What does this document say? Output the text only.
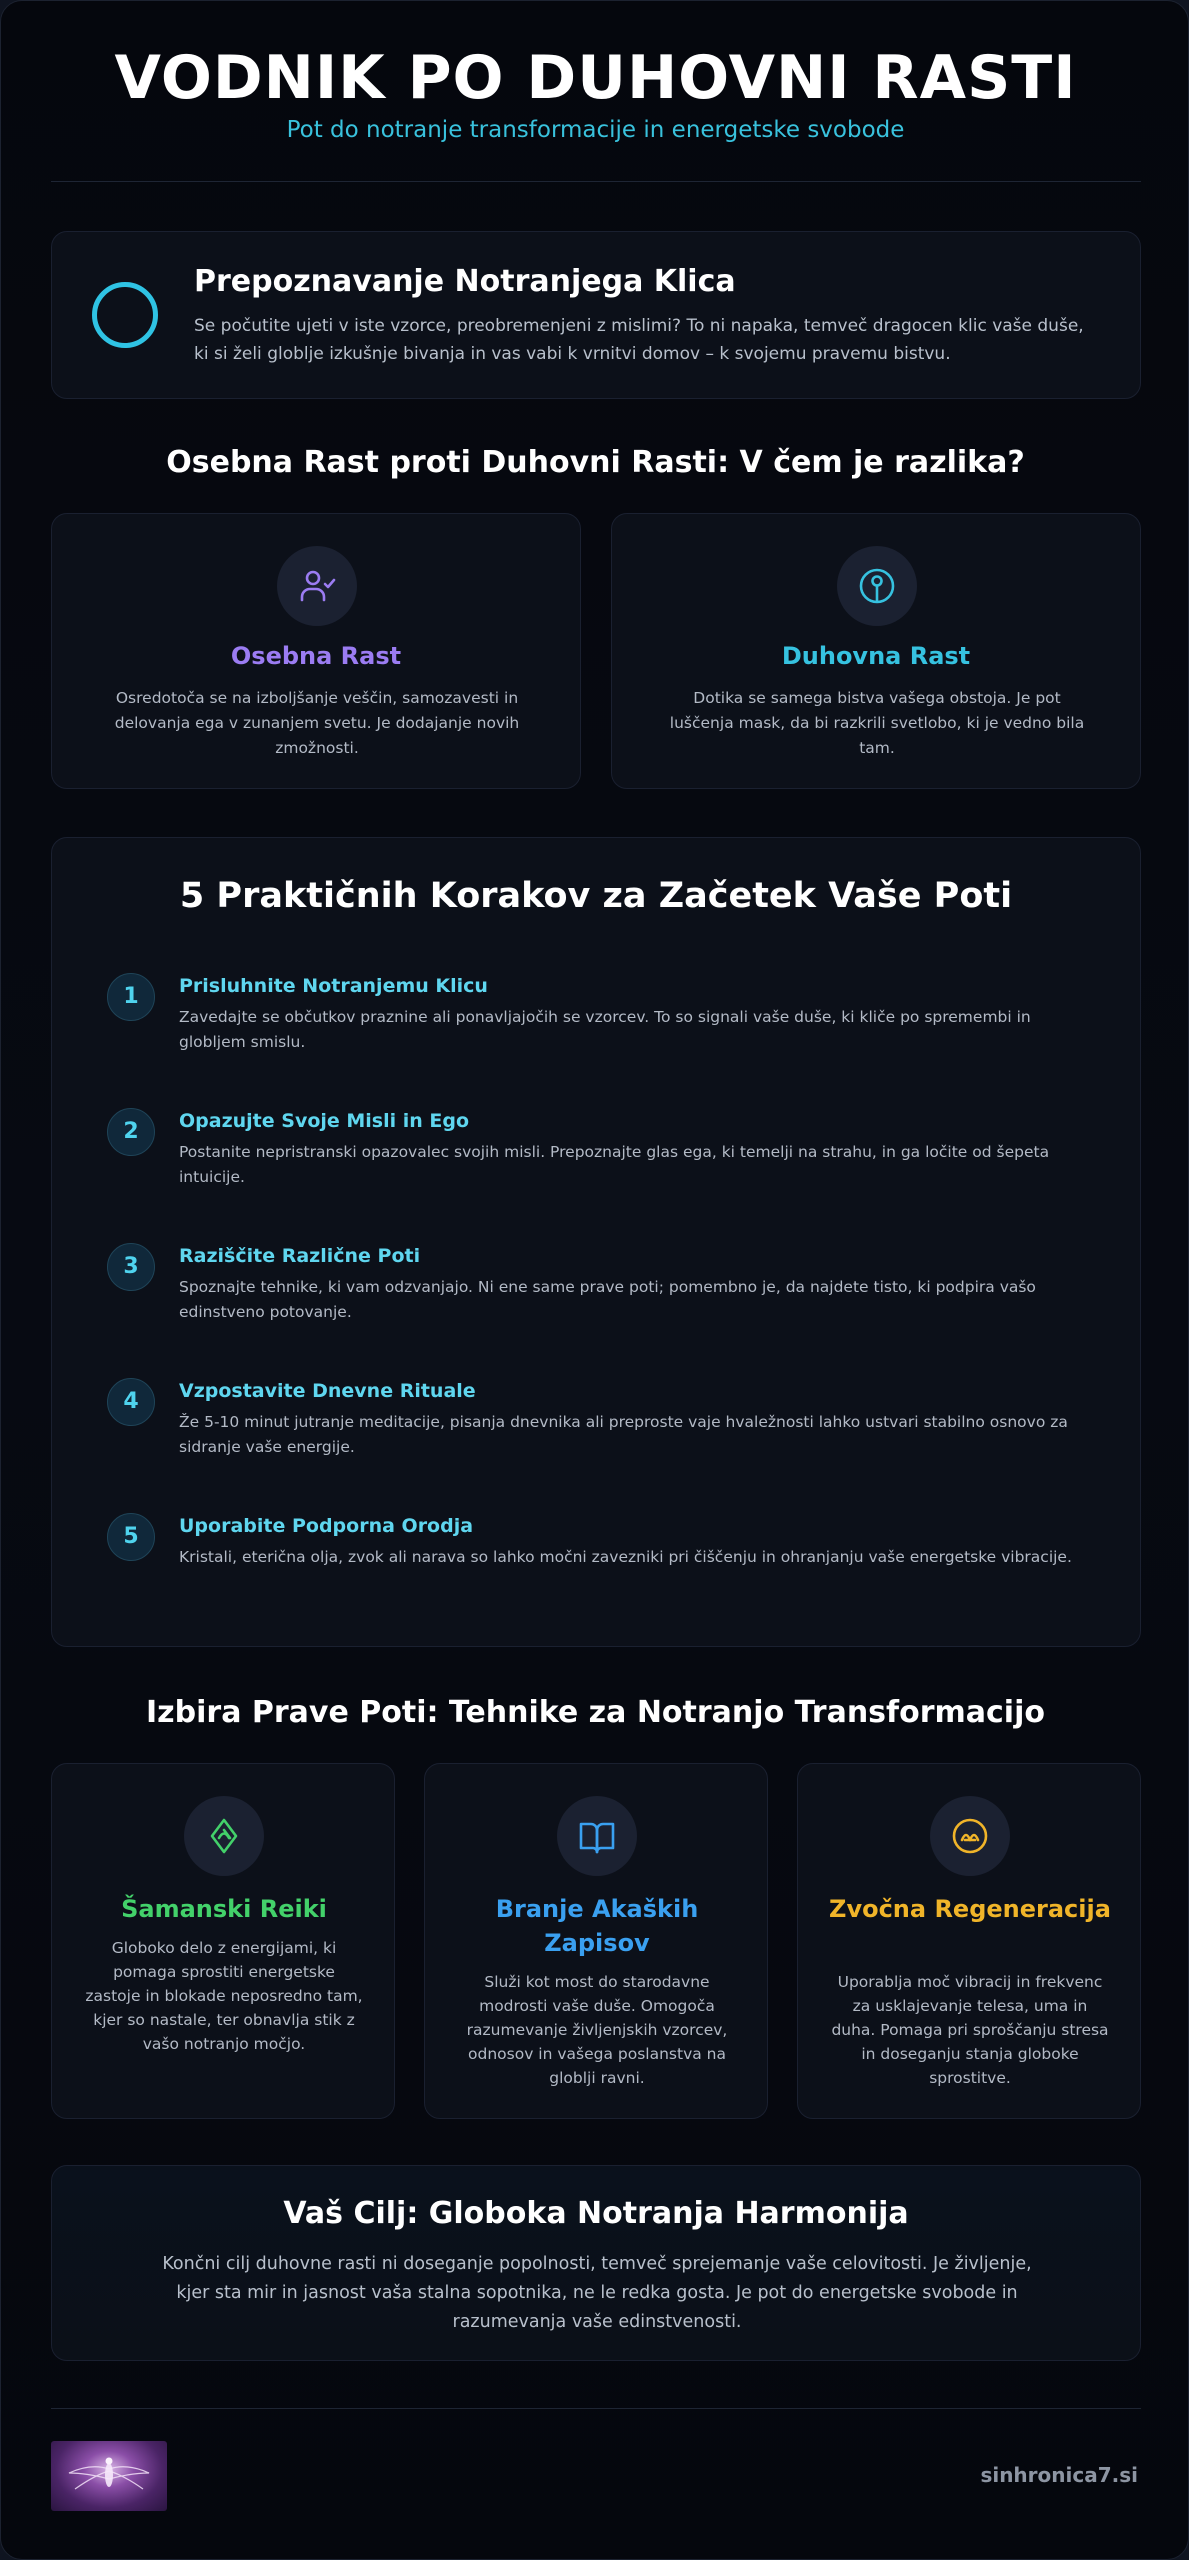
VODNIK PO DUHOVNI RASTI
Pot do notranje transformacije in energetske svobode
Prepoznavanje Notranjega Klica
Se počutite ujeti v iste vzorce, preobremenjeni z mislimi? To ni napaka, temveč dragocen klic vaše duše, ki si želi globlje izkušnje bivanja in vas vabi k vrnitvi domov – k svojemu pravemu bistvu.
Osebna Rast proti Duhovni Rasti: V čem je razlika?
Osebna Rast
Osredotoča se na izboljšanje veščin, samozavesti in delovanja ega v zunanjem svetu. Je dodajanje novih zmožnosti.
Duhovna Rast
Dotika se samega bistva vašega obstoja. Je pot luščenja mask, da bi razkrili svetlobo, ki je vedno bila tam.
5 Praktičnih Korakov za Začetek Vaše Poti
1	Prisluhnite Notranjemu Klicu
Zavedajte se občutkov praznine ali ponavljajočih se vzorcev. To so signali vaše duše, ki kliče po spremembi in globljem smislu.
2	Opazujte Svoje Misli in Ego
Postanite nepristranski opazovalec svojih misli. Prepoznajte glas ega, ki temelji na strahu, in ga ločite od šepeta intuicije.
3	Raziščite Različne Poti
Spoznajte tehnike, ki vam odzvanjajo. Ni ene same prave poti; pomembno je, da najdete tisto, ki podpira vašo edinstveno potovanje.
4	Vzpostavite Dnevne Rituale
Že 5-10 minut jutranje meditacije, pisanja dnevnika ali preproste vaje hvaležnosti lahko ustvari stabilno osnovo za sidranje vaše energije.
5	Uporabite Podporna Orodja
Kristali, eterična olja, zvok ali narava so lahko močni zavezniki pri čiščenju in ohranjanju vaše energetske vibracije.
Izbira Prave Poti: Tehnike za Notranjo Transformacijo
Šamanski Reiki
Globoko delo z energijami, ki pomaga sprostiti energetske zastoje in blokade neposredno tam, kjer so nastale, ter obnavlja stik z vašo notranjo močjo.
Branje Akaških Zapisov
Služi kot most do starodavne modrosti vaše duše. Omogoča razumevanje življenjskih vzorcev, odnosov in vašega poslanstva na globlji ravni.
Zvočna Regeneracija
Uporablja moč vibracij in frekvenc za usklajevanje telesa, uma in duha. Pomaga pri sproščanju stresa in doseganju stanja globoke sprostitve.
Vaš Cilj: Globoka Notranja Harmonija
Končni cilj duhovne rasti ni doseganje popolnosti, temveč sprejemanje vaše celovitosti. Je življenje, kjer sta mir in jasnost vaša stalna sopotnika, ne le redka gosta. Je pot do energetske svobode in razumevanja vaše edinstvenosti.
sinhronica7.si
